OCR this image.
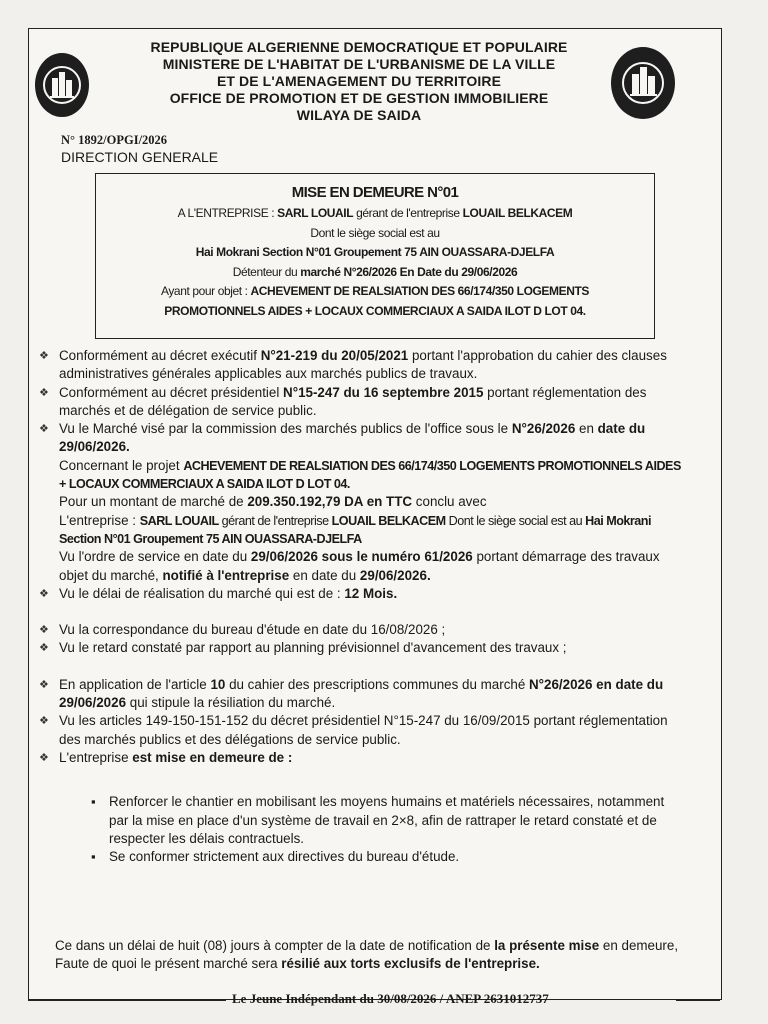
REPUBLIQUE ALGERIENNE DEMOCRATIQUE ET POPULAIRE
MINISTERE DE L'HABITAT DE L'URBANISME DE LA VILLE
ET DE L'AMENAGEMENT DU TERRITOIRE
OFFICE DE PROMOTION ET DE GESTION IMMOBILIERE
WILAYA DE SAIDA
N° 1892/OPGI/2026
DIRECTION GENERALE
MISE EN DEMEURE N°01
A L'ENTREPRISE : SARL LOUAIL gérant de l'entreprise LOUAIL BELKACEM
Dont le siège social est au
Hai Mokrani Section N°01 Groupement 75 AIN OUASSARA-DJELFA
Détenteur du marché N°26/2026 En Date du 29/06/2026
Ayant pour objet : ACHEVEMENT DE REALSIATION DES 66/174/350 LOGEMENTS
PROMOTIONNELS AIDES + LOCAUX COMMERCIAUX A SAIDA ILOT D LOT 04.
❖ Conformément au décret exécutif N°21-219 du 20/05/2021 portant l'approbation du cahier des clauses administratives générales applicables aux marchés publics de travaux.
❖ Conformément au décret présidentiel N°15-247 du 16 septembre 2015 portant réglementation des marchés et de délégation de service public.
❖ Vu le Marché visé par la commission des marchés publics de l'office sous le N°26/2026 en date du 29/06/2026.
Concernant le projet ACHEVEMENT DE REALSIATION DES 66/174/350 LOGEMENTS PROMOTIONNELS AIDES + LOCAUX COMMERCIAUX A SAIDA ILOT D LOT 04.
Pour un montant de marché de 209.350.192,79 DA en TTC conclu avec
L'entreprise : SARL LOUAIL gérant de l'entreprise LOUAIL BELKACEM Dont le siège social est au Hai Mokrani Section N°01 Groupement 75 AIN OUASSARA-DJELFA
Vu l'ordre de service en date du 29/06/2026 sous le numéro 61/2026 portant démarrage des travaux objet du marché, notifié à l'entreprise en date du 29/06/2026.
❖ Vu le délai de réalisation du marché qui est de : 12 Mois.
❖ Vu la correspondance du bureau d'étude en date du 16/08/2026 ;
❖ Vu le retard constaté par rapport au planning prévisionnel d'avancement des travaux ;
❖ En application de l'article 10 du cahier des prescriptions communes du marché N°26/2026 en date du 29/06/2026 qui stipule la résiliation du marché.
❖ Vu les articles 149-150-151-152 du décret présidentiel N°15-247 du 16/09/2015 portant réglementation des marchés publics et des délégations de service public.
❖ L'entreprise est mise en demeure de :
▪ Renforcer le chantier en mobilisant les moyens humains et matériels nécessaires, notamment par la mise en place d'un système de travail en 2×8, afin de rattraper le retard constaté et de respecter les délais contractuels.
▪ Se conformer strictement aux directives du bureau d'étude.
Ce dans un délai de huit (08) jours à compter de la date de notification de la présente mise en demeure, Faute de quoi le présent marché sera résilié aux torts exclusifs de l'entreprise.
Le Jeune Indépendant du 30/08/2026 / ANEP 2631012737
